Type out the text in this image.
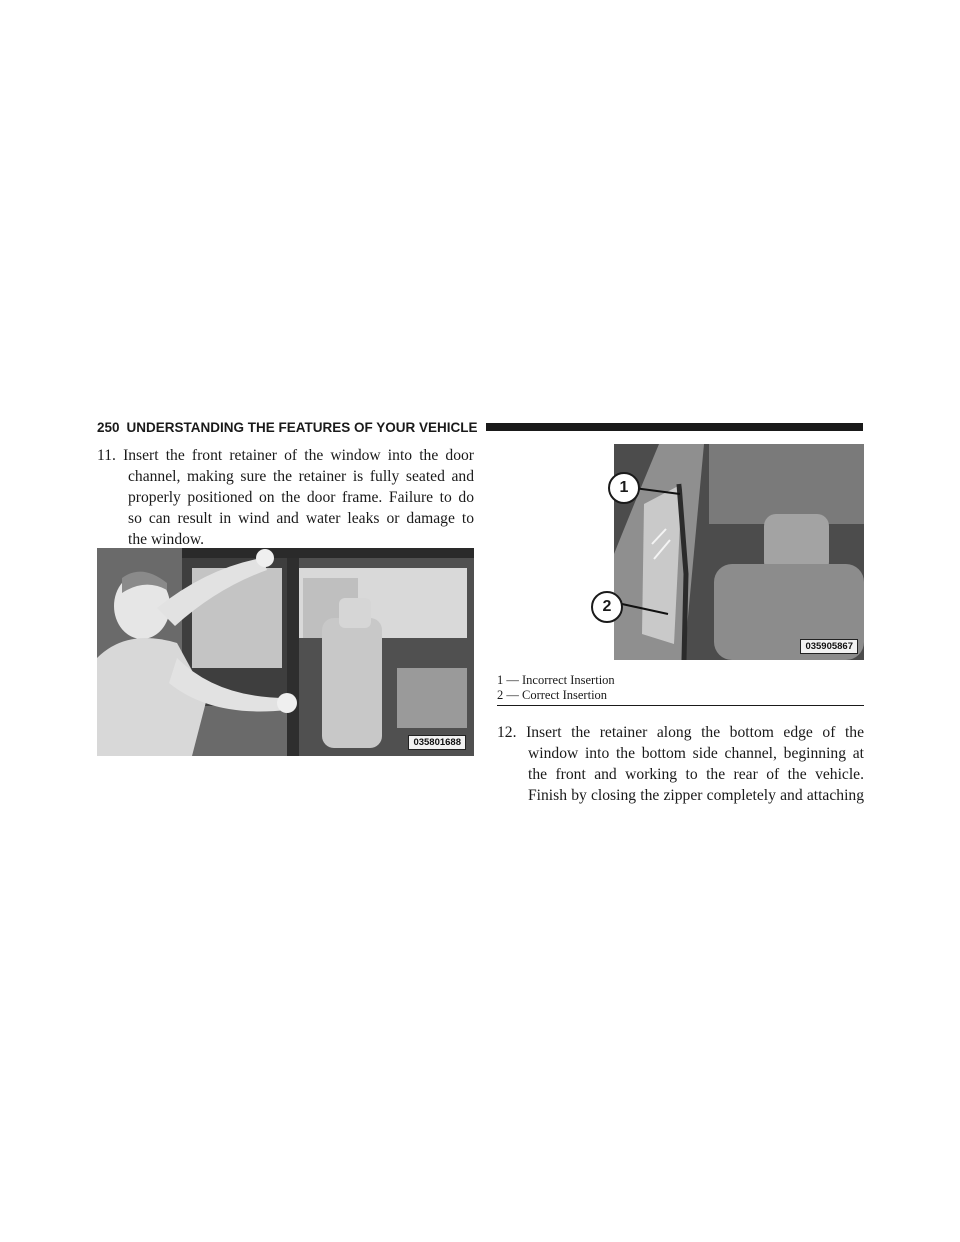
250 UNDERSTANDING THE FEATURES OF YOUR VEHICLE
11. Insert the front retainer of the window into the door
channel, making sure the retainer is fully seated and
properly positioned on the door frame. Failure to do
so can result in wind and water leaks or damage to
the window.
035801688
035905867
1
2
1 — Incorrect Insertion
2 — Correct Insertion
12. Insert the retainer along the bottom edge of the
window into the bottom side channel, beginning at
the front and working to the rear of the vehicle.
Finish by closing the zipper completely and attaching
